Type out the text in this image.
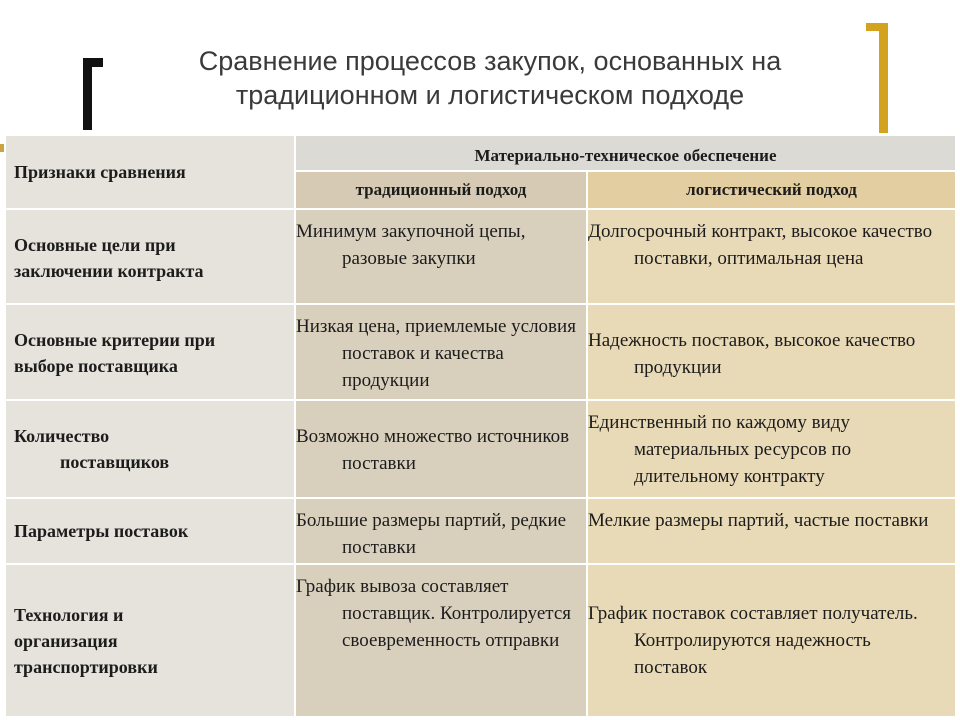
Сравнение процессов закупок, основанных на
традиционном и логистическом подходе
Признаки сравнения	Материально-техническое обеспечение	
	традиционный подход	логистический подход

Основные цели при
заключении контракта	Минимум закупочной цепы, разовые закупки	Долгосрочный контракт, высокое качество поставки, оптимальная цена

Основные критерии при
выборе поставщика	Низкая цена, приемлемые условия поставок и качества продукции	Надежность поставок, высокое качество продукции

Количество
поставщиков	Возможно множество источников поставки	Единственный по каждому виду материальных ресурсов по длительному контракту

Параметры поставок	Большие размеры партий, редкие поставки	Мелкие размеры партий, частые поставки

Технология и
организация
транспортировки	График вывоза составляет поставщик. Контролируется своевременность отправки	График поставок составляет получатель. Контролируются надежность поставок
